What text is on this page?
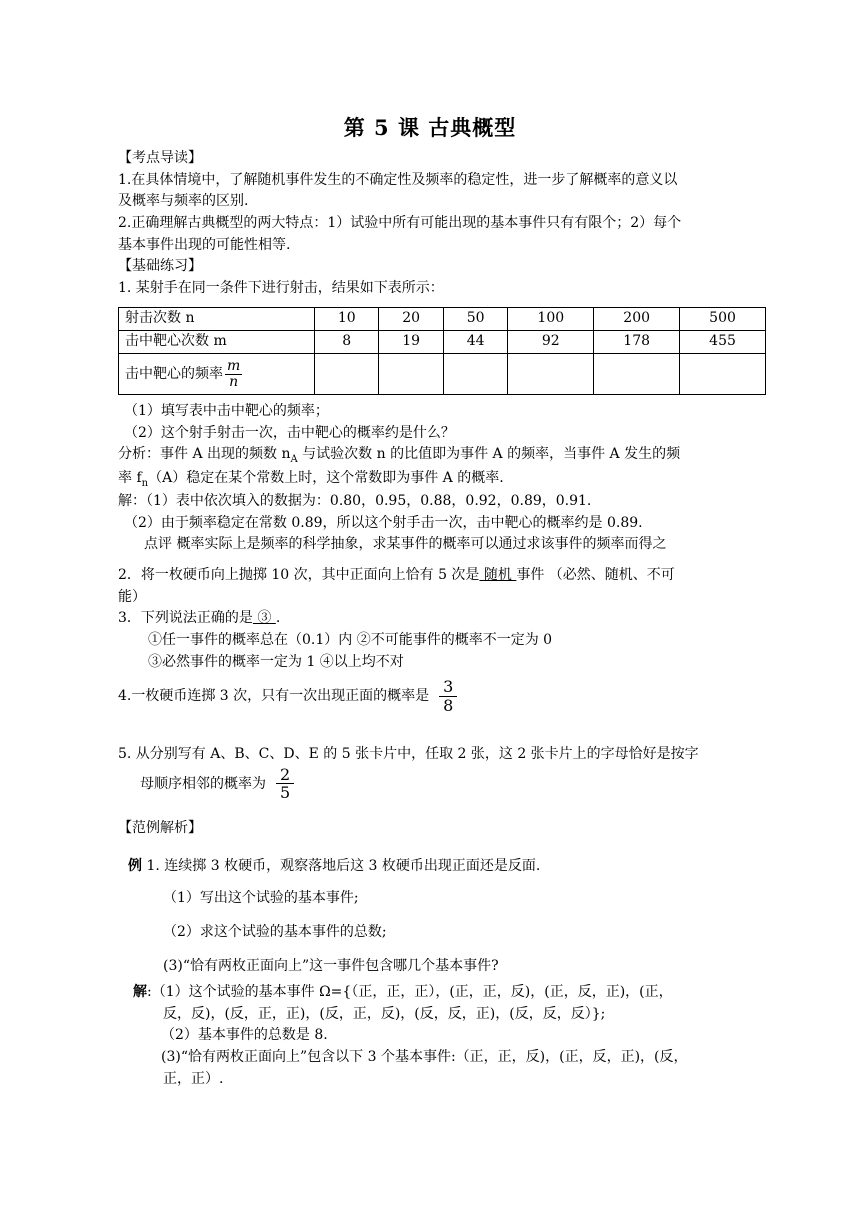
第 5 课 古典概型
【考点导读】
1.在具体情境中，了解随机事件发生的不确定性及频率的稳定性，进一步了解概率的意义以
及概率与频率的区别.
2.正确理解古典概型的两大特点：1）试验中所有可能出现的基本事件只有有限个；2）每个
基本事件出现的可能性相等.
【基础练习】
1. 某射手在同一条件下进行射击，结果如下表所示：
射击次数 n	10	20	50	100	200	500
击中靶心次数 m	8	19	44	92	178	455
击中靶心的频率 $\frac{m}{n}$

（1）填写表中击中靶心的频率；
（2）这个射手射击一次，击中靶心的概率约是什么？
分析：事件 A 出现的频数 $n_A$ 与试验次数 n 的比值即为事件 A 的频率，当事件 A 发生的频
率 $f_n(A)$稳定在某个常数上时，这个常数即为事件 A 的概率.
解：（1）表中依次填入的数据为：0.80，0.95，0.88，0.92，0.89，0.91.
（2）由于频率稳定在常数 0.89，所以这个射手击一次，击中靶心的概率约是 0.89.
点评 概率实际上是频率的科学抽象，求某事件的概率可以通过求该事件的频率而得之
2．将一枚硬币向上抛掷 10 次，其中正面向上恰有 5 次是 随机 事件 （必然、随机、不可
能）
3．下列说法正确的是 ③ .
①任一事件的概率总在（0.1）内 ②不可能事件的概率不一定为 0
③必然事件的概率一定为 1 ④以上均不对
4.一枚硬币连掷 3 次，只有一次出现正面的概率是 $\frac{3}{8}$
5. 从分别写有 A、B、C、D、E 的 5 张卡片中，任取 2 张，这 2 张卡片上的字母恰好是按字
母顺序相邻的概率为 $\frac{2}{5}$
【范例解析】
例 1. 连续掷 3 枚硬币，观察落地后这 3 枚硬币出现正面还是反面.
（1）写出这个试验的基本事件;
（2）求这个试验的基本事件的总数;
(3)“恰有两枚正面向上”这一事件包含哪几个基本事件?
解:（1）这个试验的基本事件 Ω={（正，正，正），(正，正，反)，(正，反，正)，(正，
反，反)，(反，正，正)，(反，正，反)，(反，反，正)，(反，反，反）};
（2）基本事件的总数是 8.
(3)“恰有两枚正面向上”包含以下 3 个基本事件:（正，正，反)，(正，反，正)，(反，
正，正）.
